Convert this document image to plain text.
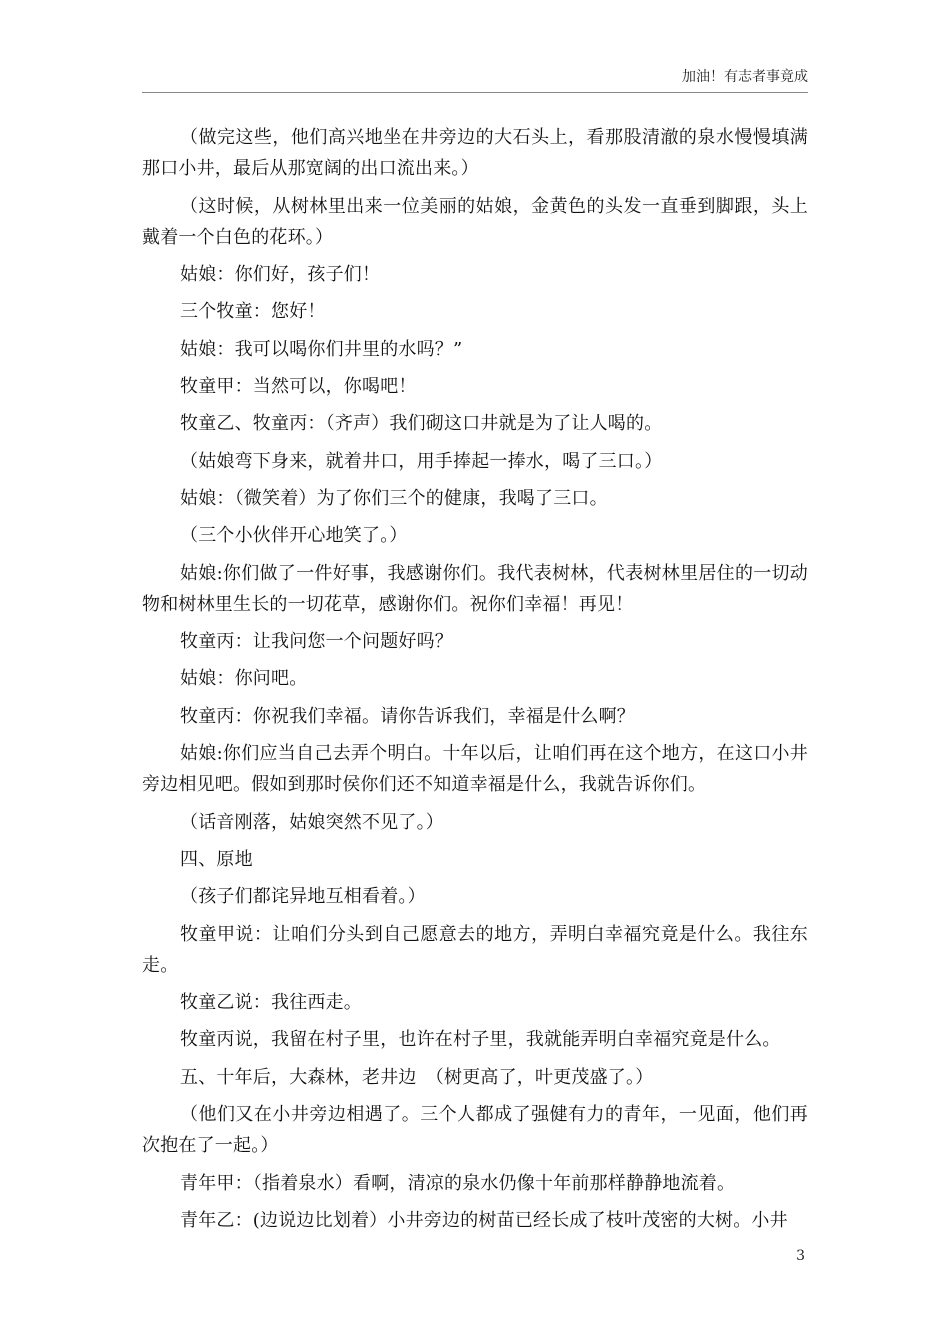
加油！有志者事竟成

（做完这些，他们高兴地坐在井旁边的大石头上，看那股清澈的泉水慢慢填满那口小井，最后从那宽阔的出口流出来。）

（这时候，从树林里出来一位美丽的姑娘，金黄色的头发一直垂到脚跟，头上戴着一个白色的花环。）

姑娘：你们好，孩子们！

三个牧童：您好！

姑娘：我可以喝你们井里的水吗？”

牧童甲：当然可以，你喝吧！

牧童乙、牧童丙：（齐声）我们砌这口井就是为了让人喝的。

（姑娘弯下身来，就着井口，用手捧起一捧水，喝了三口。）

姑娘：（微笑着）为了你们三个的健康，我喝了三口。

（三个小伙伴开心地笑了。）

姑娘:你们做了一件好事，我感谢你们。我代表树林，代表树林里居住的一切动物和树林里生长的一切花草，感谢你们。祝你们幸福！再见！

牧童丙：让我问您一个问题好吗？

姑娘：你问吧。

牧童丙：你祝我们幸福。请你告诉我们，幸福是什么啊？

姑娘:你们应当自己去弄个明白。十年以后，让咱们再在这个地方，在这口小井旁边相见吧。假如到那时侯你们还不知道幸福是什么，我就告诉你们。

（话音刚落，姑娘突然不见了。）

四、原地

（孩子们都诧异地互相看着。）

牧童甲说：让咱们分头到自己愿意去的地方，弄明白幸福究竟是什么。我往东走。

牧童乙说：我往西走。

牧童丙说，我留在村子里，也许在村子里，我就能弄明白幸福究竟是什么。

五、十年后，大森林，老井边　（树更高了，叶更茂盛了。）

（他们又在小井旁边相遇了。三个人都成了强健有力的青年，一见面，他们再次抱在了一起。）

青年甲：（指着泉水）看啊，清凉的泉水仍像十年前那样静静地流着。

青年乙：(边说边比划着）小井旁边的树苗已经长成了枝叶茂密的大树。小井

3
